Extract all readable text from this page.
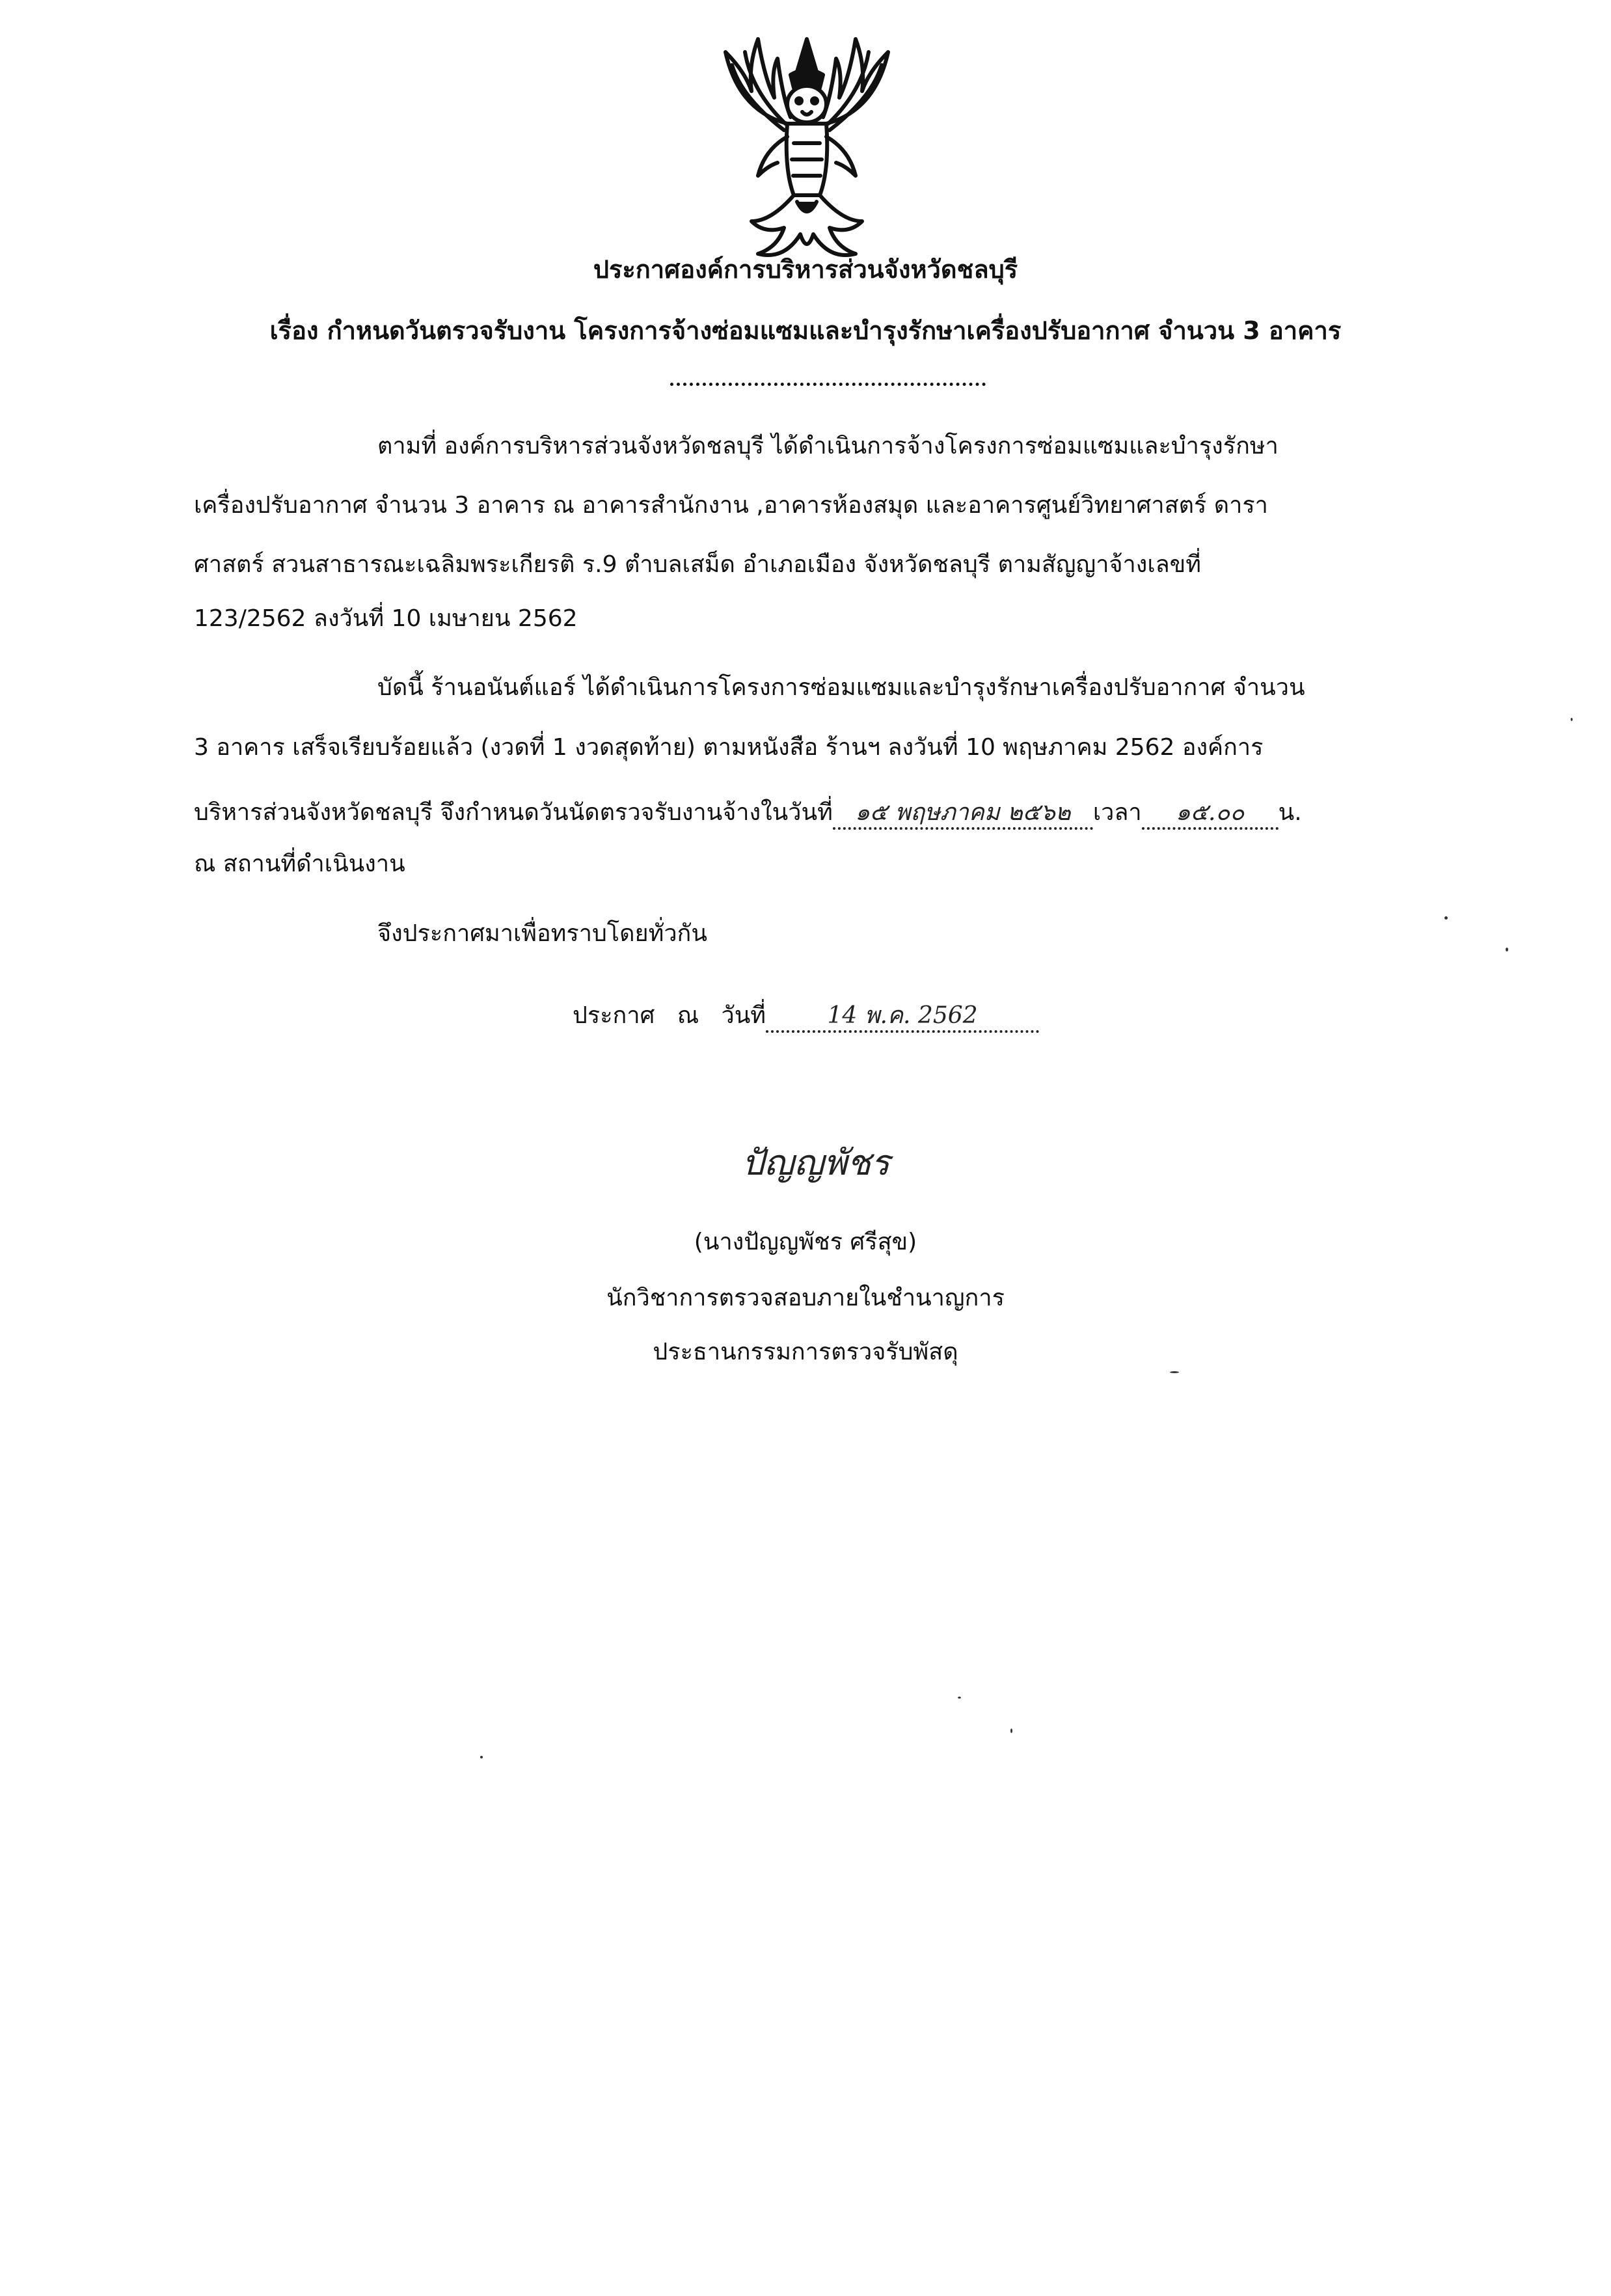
ประกาศองค์การบริหารส่วนจังหวัดชลบุรี
เรื่อง กำหนดวันตรวจรับงาน โครงการจ้างซ่อมแซมและบำรุงรักษาเครื่องปรับอากาศ จำนวน 3 อาคาร
ตามที่ องค์การบริหารส่วนจังหวัดชลบุรี ได้ดำเนินการจ้างโครงการซ่อมแซมและบำรุงรักษา
เครื่องปรับอากาศ จำนวน 3 อาคาร ณ อาคารสำนักงาน ,อาคารห้องสมุด และอาคารศูนย์วิทยาศาสตร์ ดารา
ศาสตร์ สวนสาธารณะเฉลิมพระเกียรติ ร.9 ตำบลเสม็ด อำเภอเมือง จังหวัดชลบุรี ตามสัญญาจ้างเลขที่
123/2562 ลงวันที่ 10 เมษายน 2562
บัดนี้ ร้านอนันต์แอร์ ได้ดำเนินการโครงการซ่อมแซมและบำรุงรักษาเครื่องปรับอากาศ จำนวน
3 อาคาร เสร็จเรียบร้อยแล้ว (งวดที่ 1 งวดสุดท้าย) ตามหนังสือ ร้านฯ ลงวันที่ 10 พฤษภาคม 2562 องค์การ
บริหารส่วนจังหวัดชลบุรี จึงกำหนดวันนัดตรวจรับงานจ้างในวันที่ ๑๕ พฤษภาคม ๒๕๖๒ เวลา ๑๕.๐๐ น.
ณ สถานที่ดำเนินงาน
จึงประกาศมาเพื่อทราบโดยทั่วกัน
ประกาศ ณ วันที่	14 พ.ค. 2562
ปัญญพัชร
(นางปัญญพัชร ศรีสุข)
นักวิชาการตรวจสอบภายในชำนาญการ
ประธานกรรมการตรวจรับพัสดุ
